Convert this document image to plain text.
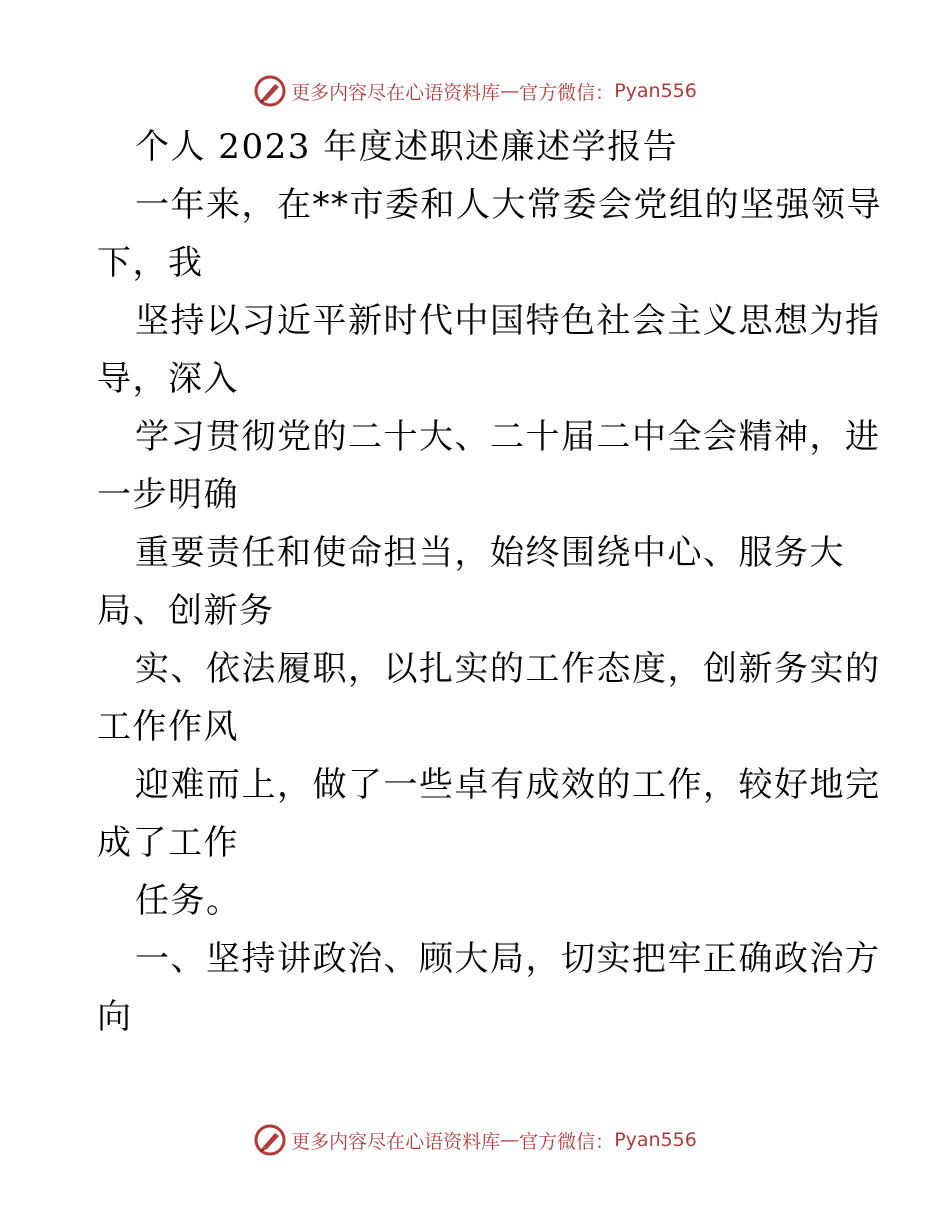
更多内容尽在心语资料库 — 官方微信： Pyan556
个人 2023 年度述职述廉述学报告
一年来，在**市委和人大常委会党组的坚强领导
下，我
坚持以习近平新时代中国特色社会主义思想为指
导，深入
学习贯彻党的二十大、二十届二中全会精神，进
一步明确
重要责任和使命担当，始终围绕中心、服务大
局、创新务
实、依法履职，以扎实的工作态度，创新务实的
工作作风
迎难而上，做了一些卓有成效的工作，较好地完
成了工作
任务。
一、坚持讲政治、顾大局，切实把牢正确政治方
向
更多内容尽在心语资料库 — 官方微信： Pyan556
